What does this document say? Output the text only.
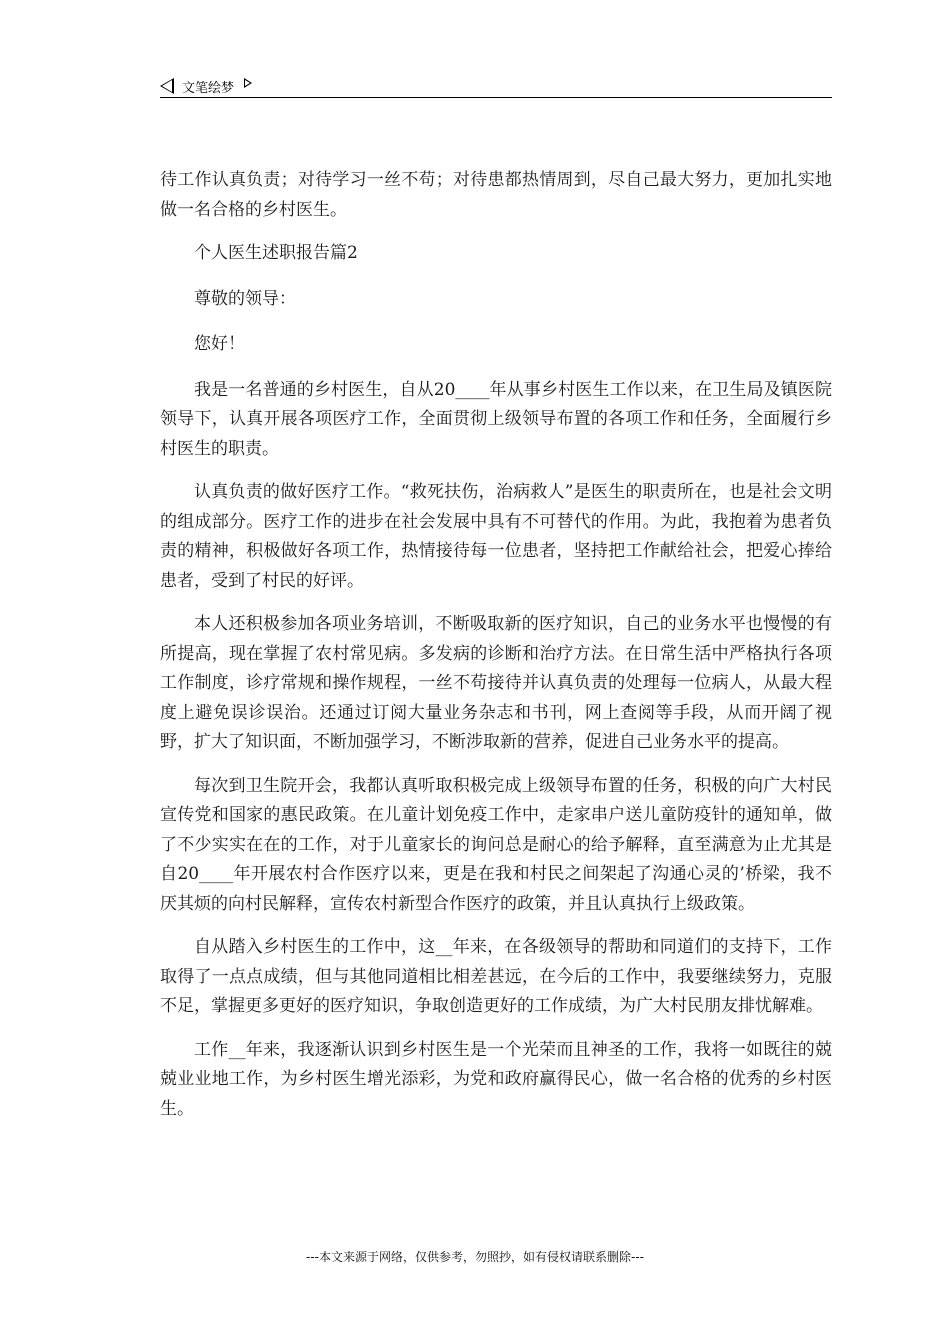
文笔绘梦

待工作认真负责；对待学习一丝不苟；对待患都热情周到，尽自己最大努力，更加扎实地做一名合格的乡村医生。

个人医生述职报告篇2

尊敬的领导：

您好！

我是一名普通的乡村医生，自从20____年从事乡村医生工作以来，在卫生局及镇医院领导下，认真开展各项医疗工作，全面贯彻上级领导布置的各项工作和任务，全面履行乡村医生的职责。

认真负责的做好医疗工作。“救死扶伤，治病救人”是医生的职责所在，也是社会文明的组成部分。医疗工作的进步在社会发展中具有不可替代的作用。为此，我抱着为患者负责的精神，积极做好各项工作，热情接待每一位患者，坚持把工作献给社会，把爱心捧给患者，受到了村民的好评。

本人还积极参加各项业务培训，不断吸取新的医疗知识，自己的业务水平也慢慢的有所提高，现在掌握了农村常见病。多发病的诊断和治疗方法。在日常生活中严格执行各项工作制度，诊疗常规和操作规程，一丝不苟接待并认真负责的处理每一位病人，从最大程度上避免误诊误治。还通过订阅大量业务杂志和书刊，网上查阅等手段，从而开阔了视野，扩大了知识面，不断加强学习，不断涉取新的营养，促进自己业务水平的提高。

每次到卫生院开会，我都认真听取积极完成上级领导布置的任务，积极的向广大村民宣传党和国家的惠民政策。在儿童计划免疫工作中，走家串户送儿童防疫针的通知单，做了不少实实在在的工作，对于儿童家长的询问总是耐心的给予解释，直至满意为止尤其是自20____年开展农村合作医疗以来，更是在我和村民之间架起了沟通心灵的’桥梁，我不厌其烦的向村民解释，宣传农村新型合作医疗的政策，并且认真执行上级政策。

自从踏入乡村医生的工作中，这__年来，在各级领导的帮助和同道们的支持下，工作取得了一点点成绩，但与其他同道相比相差甚远，在今后的工作中，我要继续努力，克服不足，掌握更多更好的医疗知识，争取创造更好的工作成绩，为广大村民朋友排忧解难。

工作__年来，我逐渐认识到乡村医生是一个光荣而且神圣的工作，我将一如既往的兢兢业业地工作，为乡村医生增光添彩，为党和政府赢得民心，做一名合格的优秀的乡村医生。

---本文来源于网络，仅供参考，勿照抄，如有侵权请联系删除---
